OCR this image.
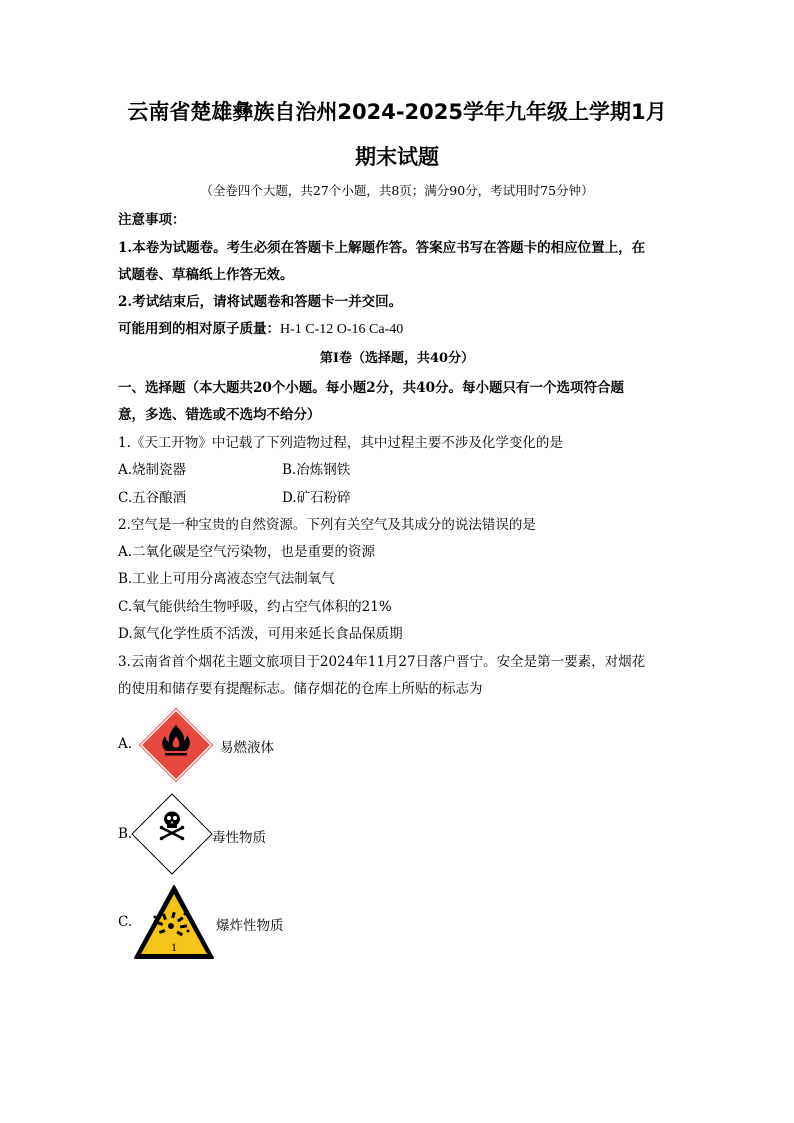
云南省楚雄彝族自治州2024-2025学年九年级上学期1月
期末试题
（全卷四个大题，共27个小题，共8页；满分90分，考试用时75分钟）
注意事项：
1.本卷为试题卷。考生必须在答题卡上解题作答。答案应书写在答题卡的相应位置上，在
试题卷、草稿纸上作答无效。
2.考试结束后，请将试题卷和答题卡一并交回。
可能用到的相对原子质量：H-1 C-12 O-16 Ca-40
第Ⅰ卷（选择题，共40分）
一、选择题（本大题共20个小题。每小题2分，共40分。每小题只有一个选项符合题
意，多选、错选或不选均不给分）
1.《天工开物》中记载了下列造物过程，其中过程主要不涉及化学变化的是
A.烧制瓷器	B.冶炼钢铁
C.五谷酿酒	D.矿石粉碎
2.空气是一种宝贵的自然资源。下列有关空气及其成分的说法错误的是
A.二氧化碳是空气污染物，也是重要的资源
B.工业上可用分离液态空气法制氧气
C.氧气能供给生物呼吸，约占空气体积的21%
D.氮气化学性质不活泼，可用来延长食品保质期
3.云南省首个烟花主题文旅项目于2024年11月27日落户晋宁。安全是第一要素，对烟花
的使用和储存要有提醒标志。储存烟花的仓库上所贴的标志为
A.	易燃液体
B.	毒性物质
C.
1
爆炸性物质
